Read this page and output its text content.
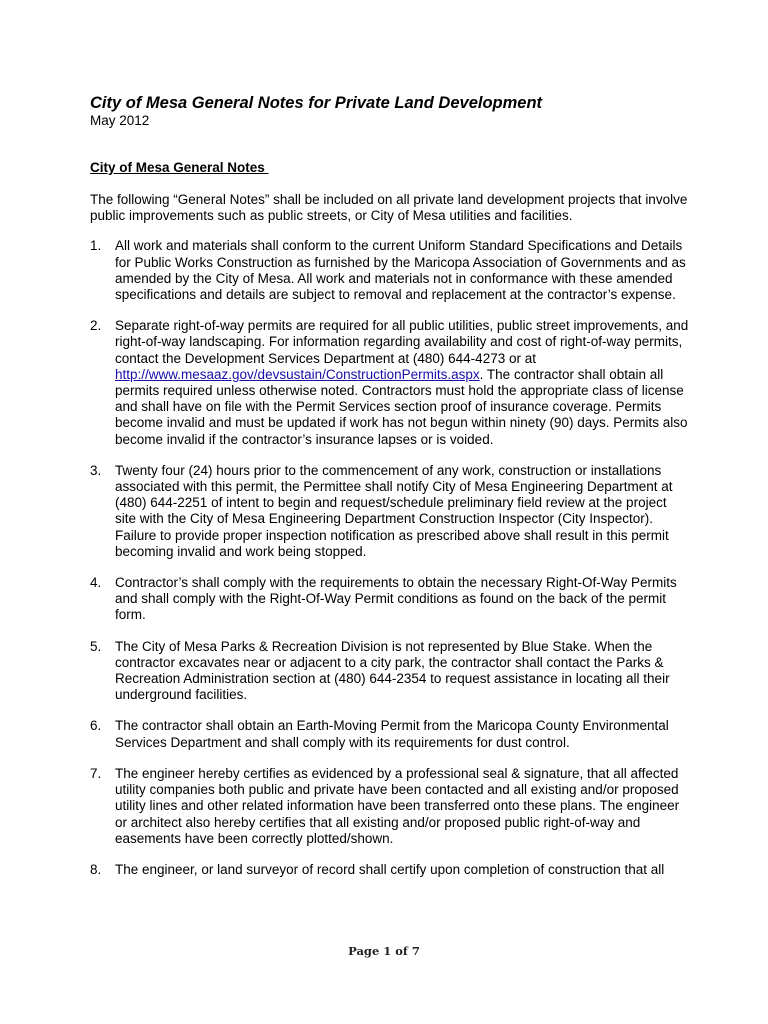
City of Mesa General Notes for Private Land Development

May 2012

City of Mesa General Notes

The following “General Notes” shall be included on all private land development projects that involve public improvements such as public streets, or City of Mesa utilities and facilities.

1.	All work and materials shall conform to the current Uniform Standard Specifications and Details for Public Works Construction as furnished by the Maricopa Association of Governments and as amended by the City of Mesa. All work and materials not in conformance with these amended specifications and details are subject to removal and replacement at the contractor’s expense.
2.	Separate right-of-way permits are required for all public utilities, public street improvements, and right-of-way landscaping. For information regarding availability and cost of right-of-way permits, contact the Development Services Department at (480) 644-4273 or at http://www.mesaaz.gov/devsustain/ConstructionPermits.aspx. The contractor shall obtain all permits required unless otherwise noted. Contractors must hold the appropriate class of license and shall have on file with the Permit Services section proof of insurance coverage. Permits become invalid and must be updated if work has not begun within ninety (90) days. Permits also become invalid if the contractor’s insurance lapses or is voided.
3.	Twenty four (24) hours prior to the commencement of any work, construction or installations associated with this permit, the Permittee shall notify City of Mesa Engineering Department at (480) 644-2251 of intent to begin and request/schedule preliminary field review at the project site with the City of Mesa Engineering Department Construction Inspector (City Inspector). Failure to provide proper inspection notification as prescribed above shall result in this permit becoming invalid and work being stopped.
4.	Contractor’s shall comply with the requirements to obtain the necessary Right-Of-Way Permits and shall comply with the Right-Of-Way Permit conditions as found on the back of the permit form.
5.	The City of Mesa Parks & Recreation Division is not represented by Blue Stake. When the contractor excavates near or adjacent to a city park, the contractor shall contact the Parks & Recreation Administration section at (480) 644-2354 to request assistance in locating all their underground facilities.
6.	The contractor shall obtain an Earth-Moving Permit from the Maricopa County Environmental Services Department and shall comply with its requirements for dust control.
7.	The engineer hereby certifies as evidenced by a professional seal & signature, that all affected utility companies both public and private have been contacted and all existing and/or proposed utility lines and other related information have been transferred onto these plans. The engineer or architect also hereby certifies that all existing and/or proposed public right-of-way and easements have been correctly plotted/shown.
8.	The engineer, or land surveyor of record shall certify upon completion of construction that all
Page 1 of 7
